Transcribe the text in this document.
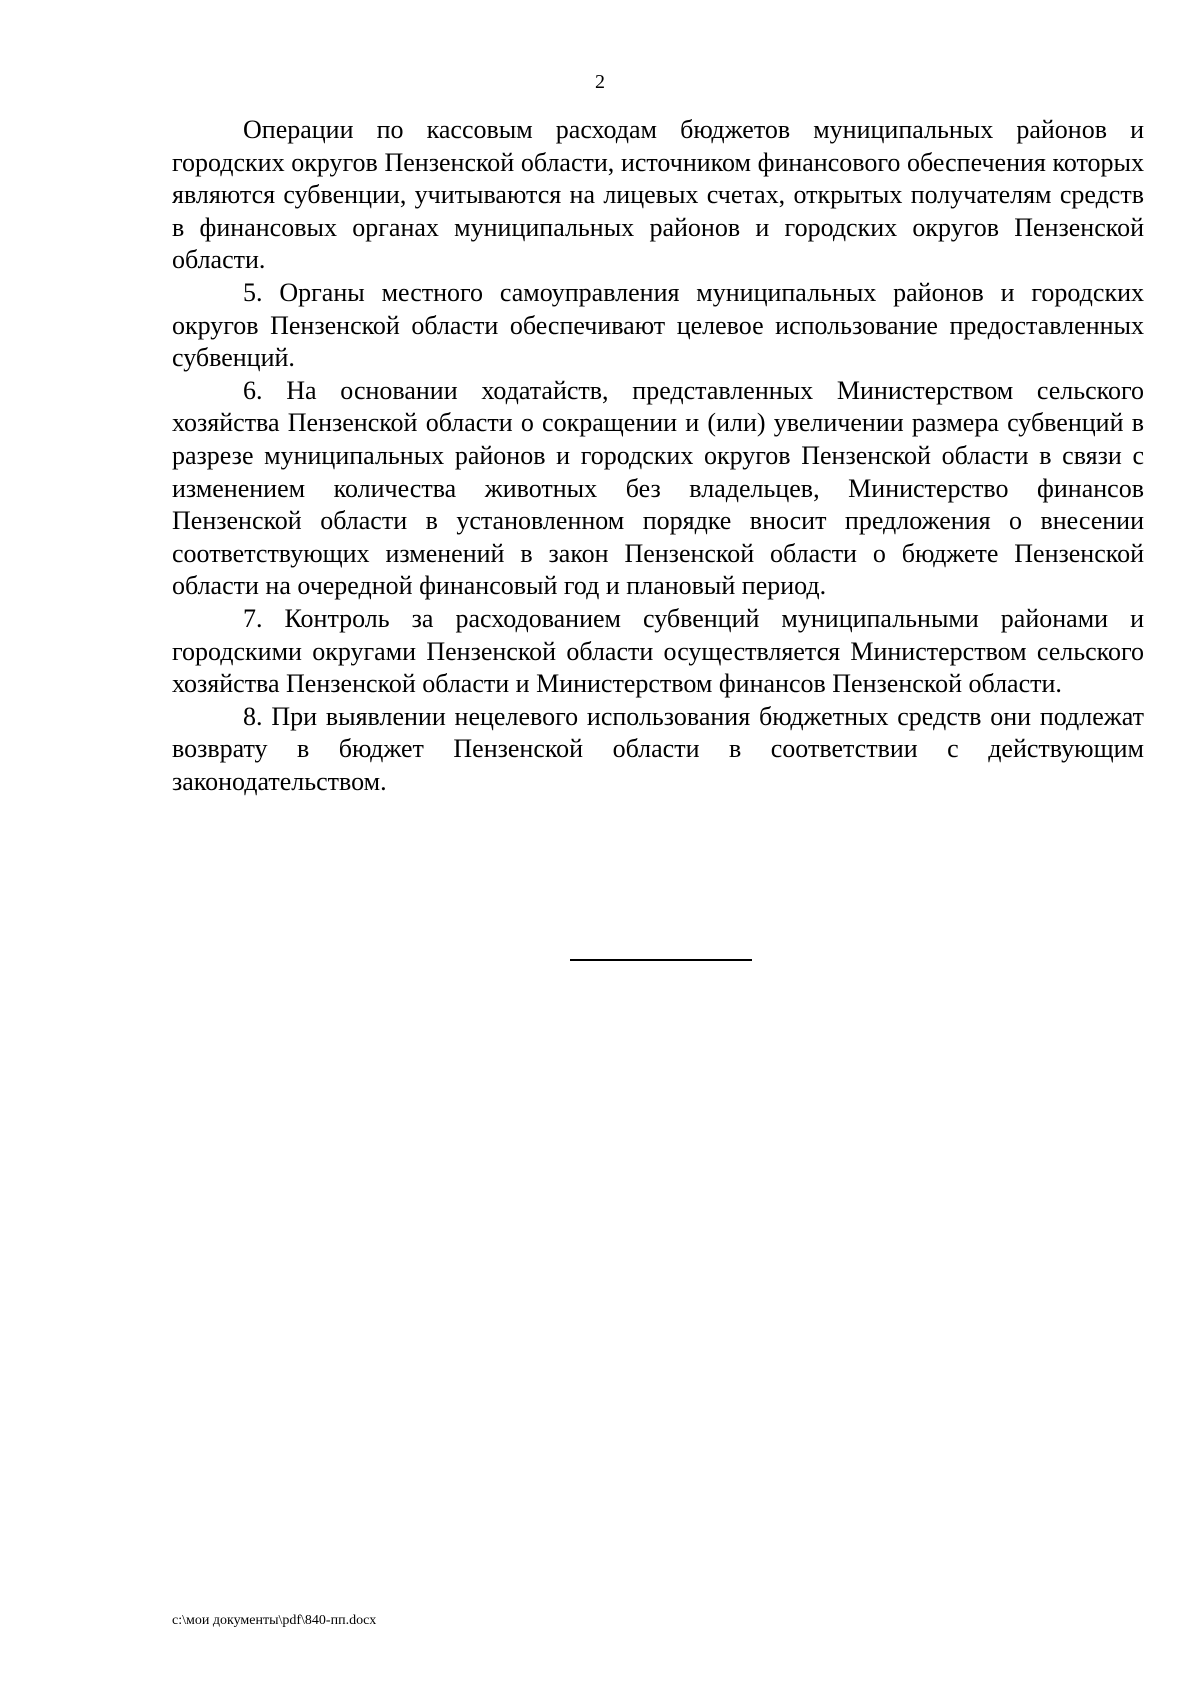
2

Операции по кассовым расходам бюджетов муниципальных районов и городских округов Пензенской области, источником финансового обеспечения которых являются субвенции, учитываются на лицевых счетах, открытых получателям средств в финансовых органах муниципальных районов и городских округов Пензенской области.

5. Органы местного самоуправления муниципальных районов и городских округов Пензенской области обеспечивают целевое использование предоставленных субвенций.

6. На основании ходатайств, представленных Министерством сельского хозяйства Пензенской области о сокращении и (или) увеличении размера субвенций в разрезе муниципальных районов и городских округов Пензенской области в связи с изменением количества животных без владельцев, Министерство финансов Пензенской области в установленном порядке вносит предложения о внесении соответствующих изменений в закон Пензенской области о бюджете Пензенской области на очередной финансовый год и плановый период.

7. Контроль за расходованием субвенций муниципальными районами и городскими округами Пензенской области осуществляется Министерством сельского хозяйства Пензенской области и Министерством финансов Пензенской области.

8. При выявлении нецелевого использования бюджетных средств они подлежат возврату в бюджет Пензенской области в соответствии с действующим законодательством.

c:\мои документы\pdf\840-пп.docx
